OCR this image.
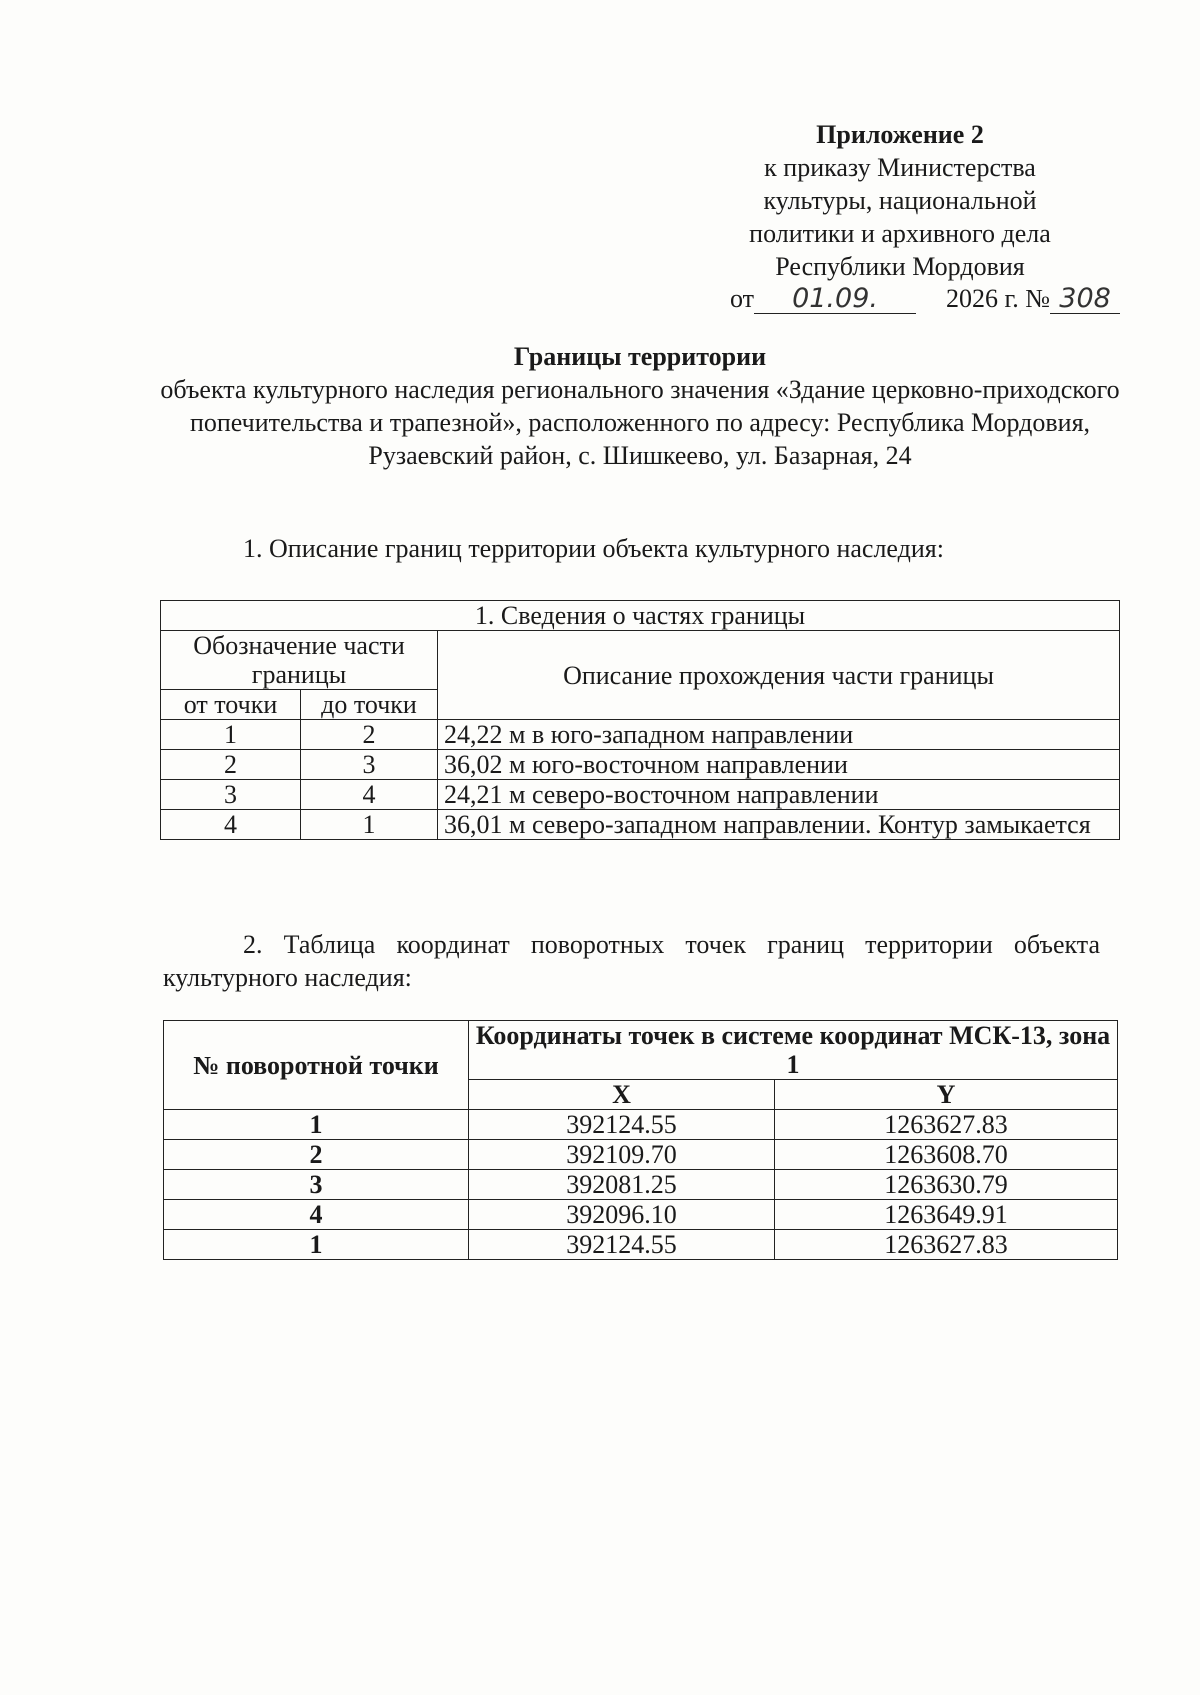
Приложение 2
к приказу Министерства
культуры, национальной
политики и архивного дела
Республики Мордовия
от 01.09.	2026 г. № 308
Границы территории
объекта культурного наследия регионального значения «Здание церковно-приходского попечительства и трапезной», расположенного по адресу: Республика Мордовия, Рузаевский район, с. Шишкеево, ул. Базарная, 24
1. Описание границ территории объекта культурного наследия:
1. Сведения о частях границы		
Обозначение части границы		Описание прохождения части границы
от точки	до точки	
1	2	24,22 м в юго-западном направлении
2	3	36,02 м юго-восточном направлении
3	4	24,21 м северо-восточном направлении
4	1	36,01 м северо-западном направлении. Контур замыкается
2. Таблица координат поворотных точек границ территории объекта культурного наследия:
№ поворотной точки	Координаты точек в системе координат МСК-13, зона 1	
	X	Y
1	392124.55	1263627.83
2	392109.70	1263608.70
3	392081.25	1263630.79
4	392096.10	1263649.91
1	392124.55	1263627.83
